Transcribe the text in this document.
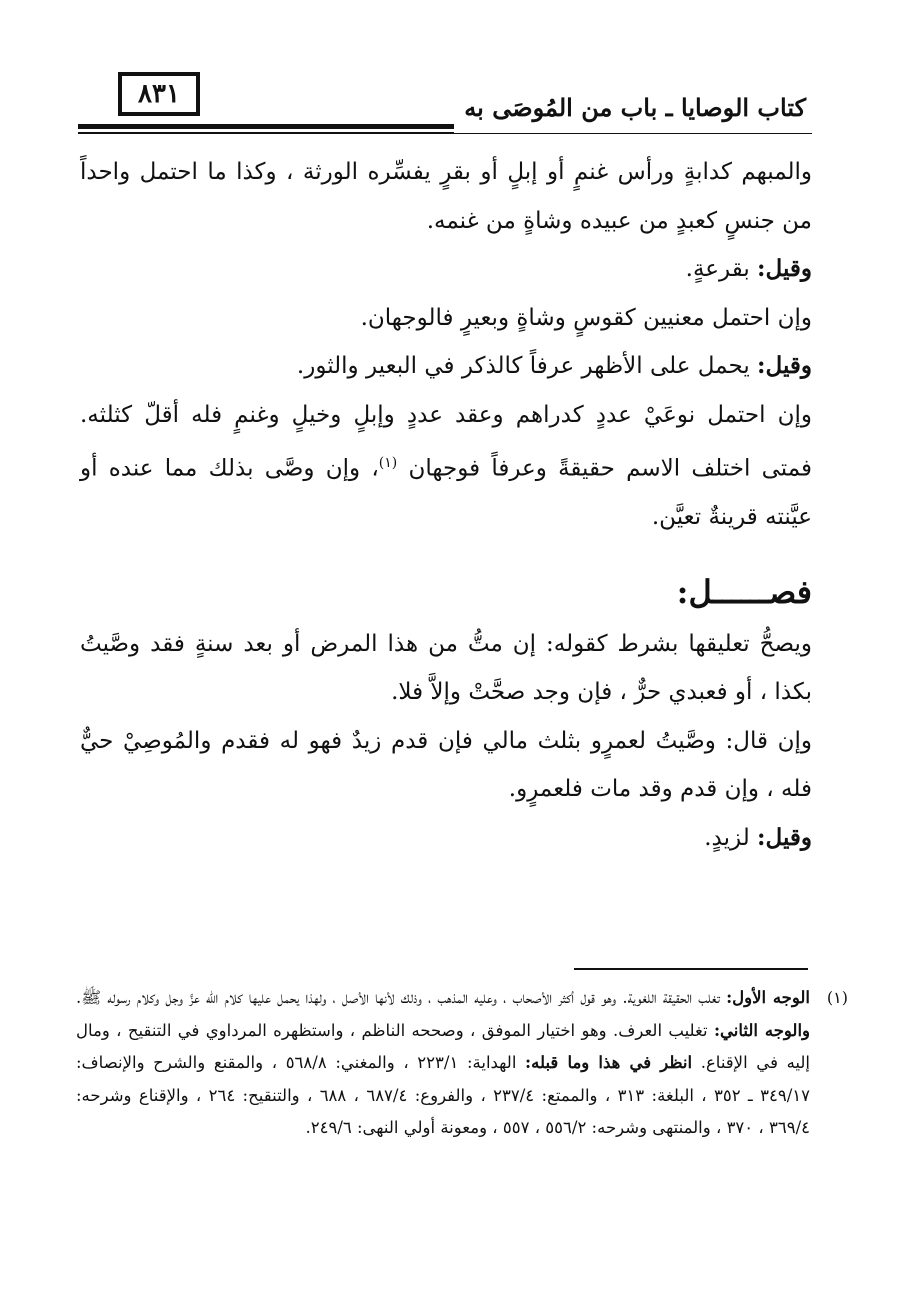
كتاب الوصايا ـ باب من المُوصَى به
٨٣١

والمبهم كدابةٍ ورأس غنمٍ أو إبلٍ أو بقرٍ يفسِّره الورثة ، وكذا ما احتمل واحداً من جنسٍ كعبدٍ من عبيده وشاةٍ من غنمه.

وقيل: بقرعةٍ.

وإن احتمل معنيين كقوسٍ وشاةٍ وبعيرٍ فالوجهان.

وقيل: يحمل على الأظهر عرفاً كالذكر في البعير والثور.

وإن احتمل نوعَيْ عددٍ كدراهم وعقد عددٍ وإبلٍ وخيلٍ وغنمٍ فله أقلّ كثلثه. فمتى اختلف الاسم حقيقةً وعرفاً فوجهان $^{(١)}$، وإن وصَّى بذلك مما عنده أو عيَّنته قرينةٌ تعيَّن.

فصــــــل:

ويصحُّ تعليقها بشرط كقوله: إن متُّ من هذا المرض أو بعد سنةٍ فقد وصَّيتُ بكذا ، أو فعبدي حرٌّ ، فإن وجد صحَّتْ وإلاَّ فلا.

وإن قال: وصَّيتُ لعمرٍو بثلث مالي فإن قدم زيدٌ فهو له فقدم والمُوصِيْ حيٌّ فله ، وإن قدم وقد مات فلعمرٍو.

وقيل: لزيدٍ.

(١)
الوجه الأول: تغلب الحقيقة اللغوية. وهو قول أكثر الأصحاب ، وعليه المذهب ، وذلك لأنها الأصل ، ولهذا يحمل عليها كلام الله عزَّ وجل وكلام رسوله ﷺ. والوجه الثاني: تغليب العرف. وهو اختيار الموفق ، وصححه الناظم ، واستظهره المرداوي في التنقيح ، ومال إليه في الإقناع. انظر في هذا وما قبله: الهداية: ٢٢٣/١ ، والمغني: ٥٦٨/٨ ، والمقنع والشرح والإنصاف: ٣٤٩/١٧ ـ ٣٥٢ ، البلغة: ٣١٣ ، والممتع: ٢٣٧/٤ ، والفروع: ٦٨٧/٤ ، ٦٨٨ ، والتنقيح: ٢٦٤ ، والإقناع وشرحه: ٣٦٩/٤ ، ٣٧٠ ، والمنتهى وشرحه: ٥٥٦/٢ ، ٥٥٧ ، ومعونة أولي النهى: ٢٤٩/٦.
